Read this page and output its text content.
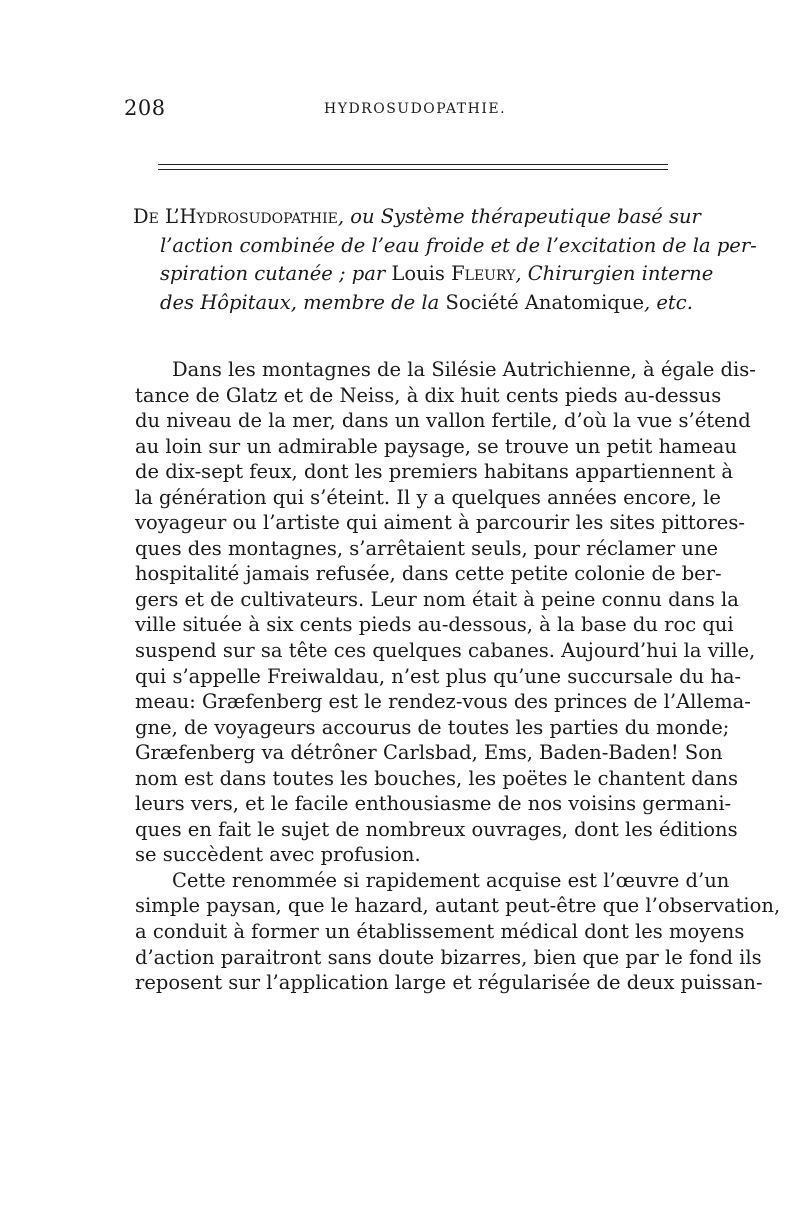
208	HYDROSUDOPATHIE.
De L’Hydrosudopathie, ou Système thérapeutique basé sur
l’action combinée de l’eau froide et de l’excitation de la per-
spiration cutanée ; par Louis Fleury, Chirurgien interne
des Hôpitaux, membre de la Société Anatomique, etc.
Dans les montagnes de la Silésie Autrichienne, à égale dis-
tance de Glatz et de Neiss, à dix huit cents pieds au-dessus
du niveau de la mer, dans un vallon fertile, d’où la vue s’étend
au loin sur un admirable paysage, se trouve un petit hameau
de dix-sept feux, dont les premiers habitans appartiennent à
la génération qui s’éteint. Il y a quelques années encore, le
voyageur ou l’artiste qui aiment à parcourir les sites pittores-
ques des montagnes, s’arrêtaient seuls, pour réclamer une
hospitalité jamais refusée, dans cette petite colonie de ber-
gers et de cultivateurs. Leur nom était à peine connu dans la
ville située à six cents pieds au-dessous, à la base du roc qui
suspend sur sa tête ces quelques cabanes. Aujourd’hui la ville,
qui s’appelle Freiwaldau, n’est plus qu’une succursale du ha-
meau: Græfenberg est le rendez-vous des princes de l’Allema-
gne, de voyageurs accourus de toutes les parties du monde;
Græfenberg va détrôner Carlsbad, Ems, Baden-Baden! Son
nom est dans toutes les bouches, les poëtes le chantent dans
leurs vers, et le facile enthousiasme de nos voisins germani-
ques en fait le sujet de nombreux ouvrages, dont les éditions
se succèdent avec profusion.
Cette renommée si rapidement acquise est l’œuvre d’un
simple paysan, que le hazard, autant peut-être que l’observation,
a conduit à former un établissement médical dont les moyens
d’action paraitront sans doute bizarres, bien que par le fond ils
reposent sur l’application large et régularisée de deux puissan-
